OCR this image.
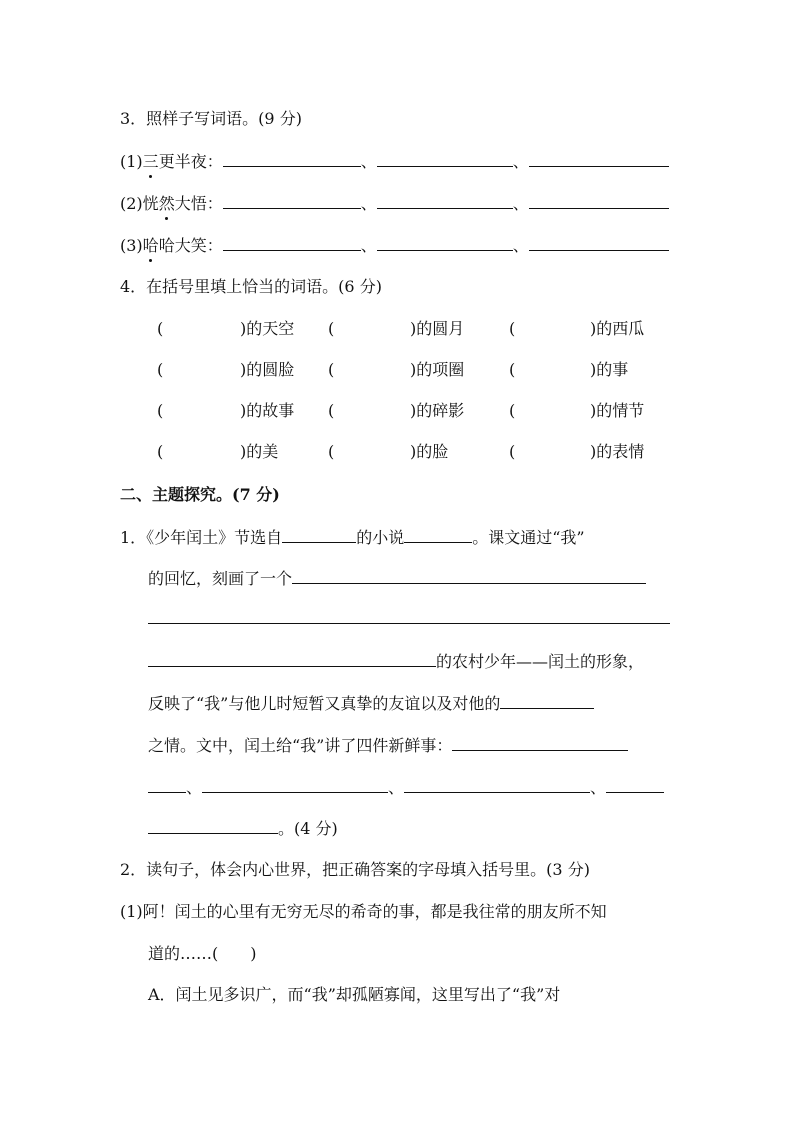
3．照样子写词语。(9 分)
(1)三更半夜：	、	、
(2)恍然大悟：	、	、
(3)哈哈大笑：	、	、
4．在括号里填上恰当的词语。(6 分)
(	)的天空 (	)的圆月	(	)的西瓜
(	)的圆脸 (	)的项圈	(	)的事
(	)的故事 (	)的碎影	(	)的情节
(	)的美	(	)的脸	(	)的表情
二、主题探究。(7 分)
1．《少年闰土》节选自	的小说	。课文通过“我”
的回忆，刻画了一个
的农村少年——闰土的形象，
反映了“我”与他儿时短暂又真挚的友谊以及对他的
之情。文中，闰土给“我”讲了四件新鲜事：
、	、	、
。(4 分)
2．读句子，体会内心世界，把正确答案的字母填入括号里。(3 分)
(1)阿！闰土的心里有无穷无尽的希奇的事，都是我往常的朋友所不知
道的……(　　)
A．闰土见多识广，而“我”却孤陋寡闻，这里写出了“我”对
